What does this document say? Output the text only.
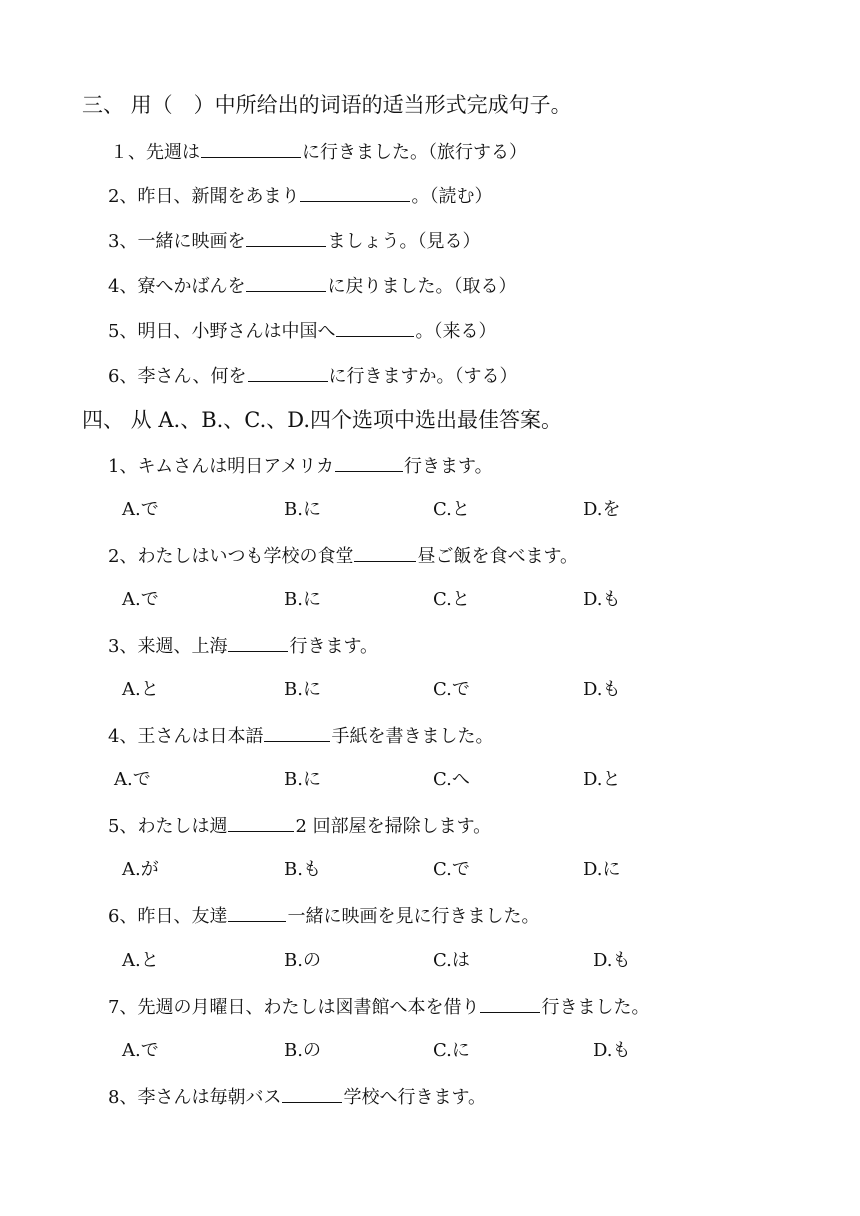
三、 用（　）中所给出的词语的适当形式完成句子。
１、先週は	に行きました。（旅行する）
2、昨日、新聞をあまり	。（読む）
3、一緒に映画を	ましょう。（見る）
4、寮へかばんを	に戻りました。（取る）
5、明日、小野さんは中国へ	。（来る）
6、李さん、何を	に行きますか。（する）
四、 从 A.、B.、C.、D.四个选项中选出最佳答案。
1、キムさんは明日アメリカ	行きます。
A.で	B.に	C.と	D.を
2、わたしはいつも学校の食堂	昼ご飯を食べます。
A.で	B.に	C.と	D.も
3、来週、上海	行きます。
A.と	B.に	C.で	D.も
4、王さんは日本語	手紙を書きました。
A.で	B.に	C.へ	D.と
5、わたしは週	2 回部屋を掃除します。
A.が	B.も	C.で	D.に
6、昨日、友達	一緒に映画を見に行きました。
A.と	B.の	C.は	D.も
7、先週の月曜日、わたしは図書館へ本を借り	行きました。
A.で	B.の	C.に	D.も
8、李さんは毎朝バス	学校へ行きます。
